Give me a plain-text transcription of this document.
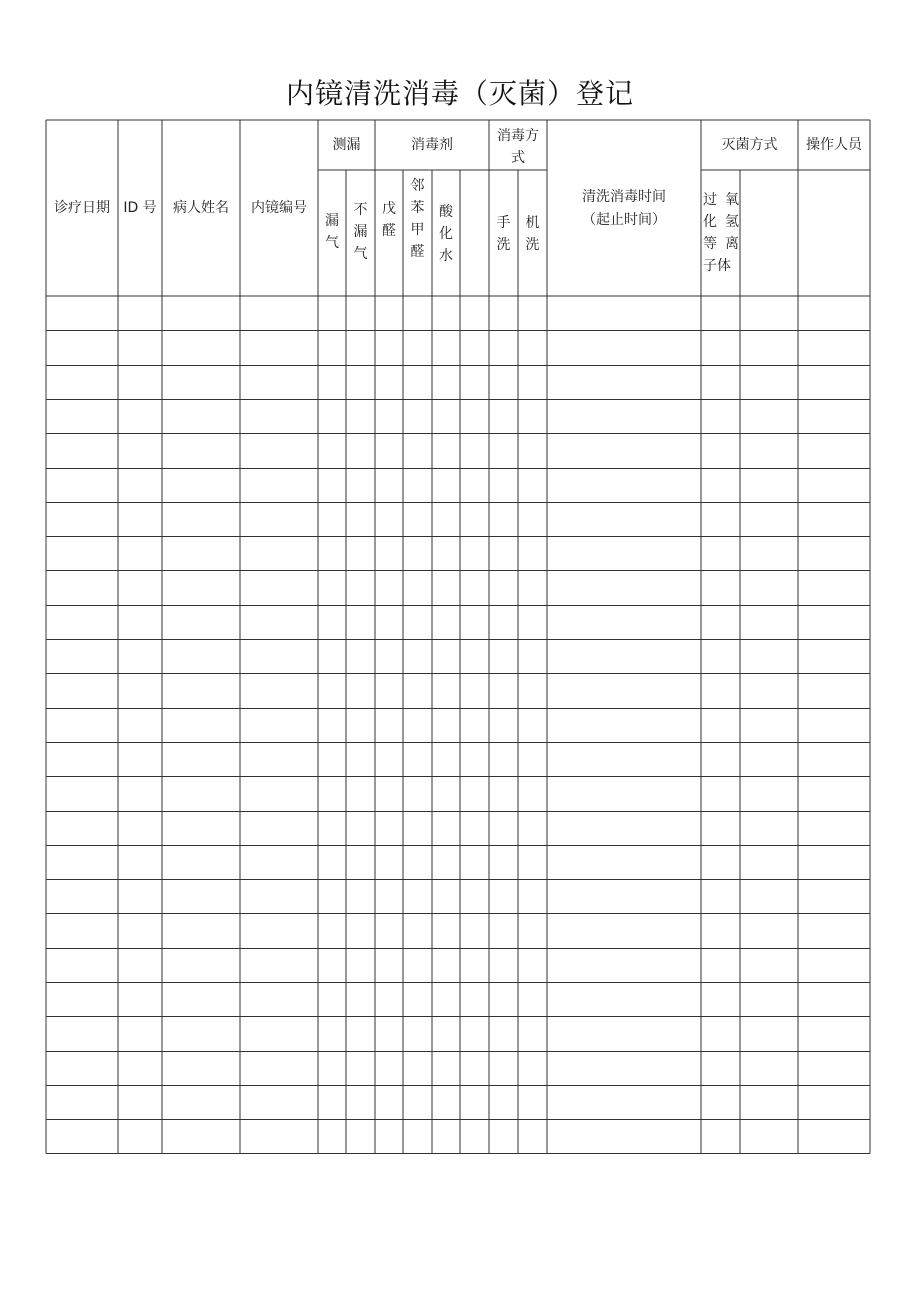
内镜清洗消毒（灭菌）登记
诊疗日期 ID 号	病人姓名	内镜编号
测漏
漏
气
不
漏
气
消毒剂
戊
醛
邻
苯
甲
醛
酸
化
水
消毒方
式
手
洗
机
洗
清洗消毒时间
（起止时间）
灭菌方式
过
化
等
子体
氧
氢
离
操作人员
